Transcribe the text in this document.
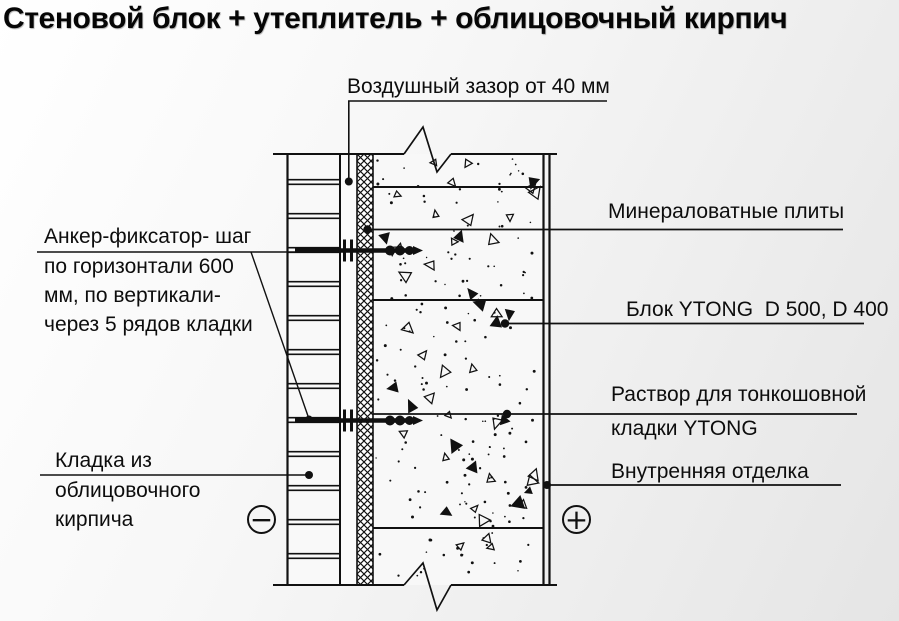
Стеновой блок + утеплитель + облицовочный кирпич
Воздушный зазор от 40 мм
Минераловатные плиты
Блок YTONG  D 500, D 400
Раствор для тонкошовной
кладки YTONG
Внутренняя отделка
Анкер-фиксатор- шаг
по горизонтали 600
мм, по вертикали-
через 5 рядов кладки
Кладка из
облицовочного
кирпича	−	+
